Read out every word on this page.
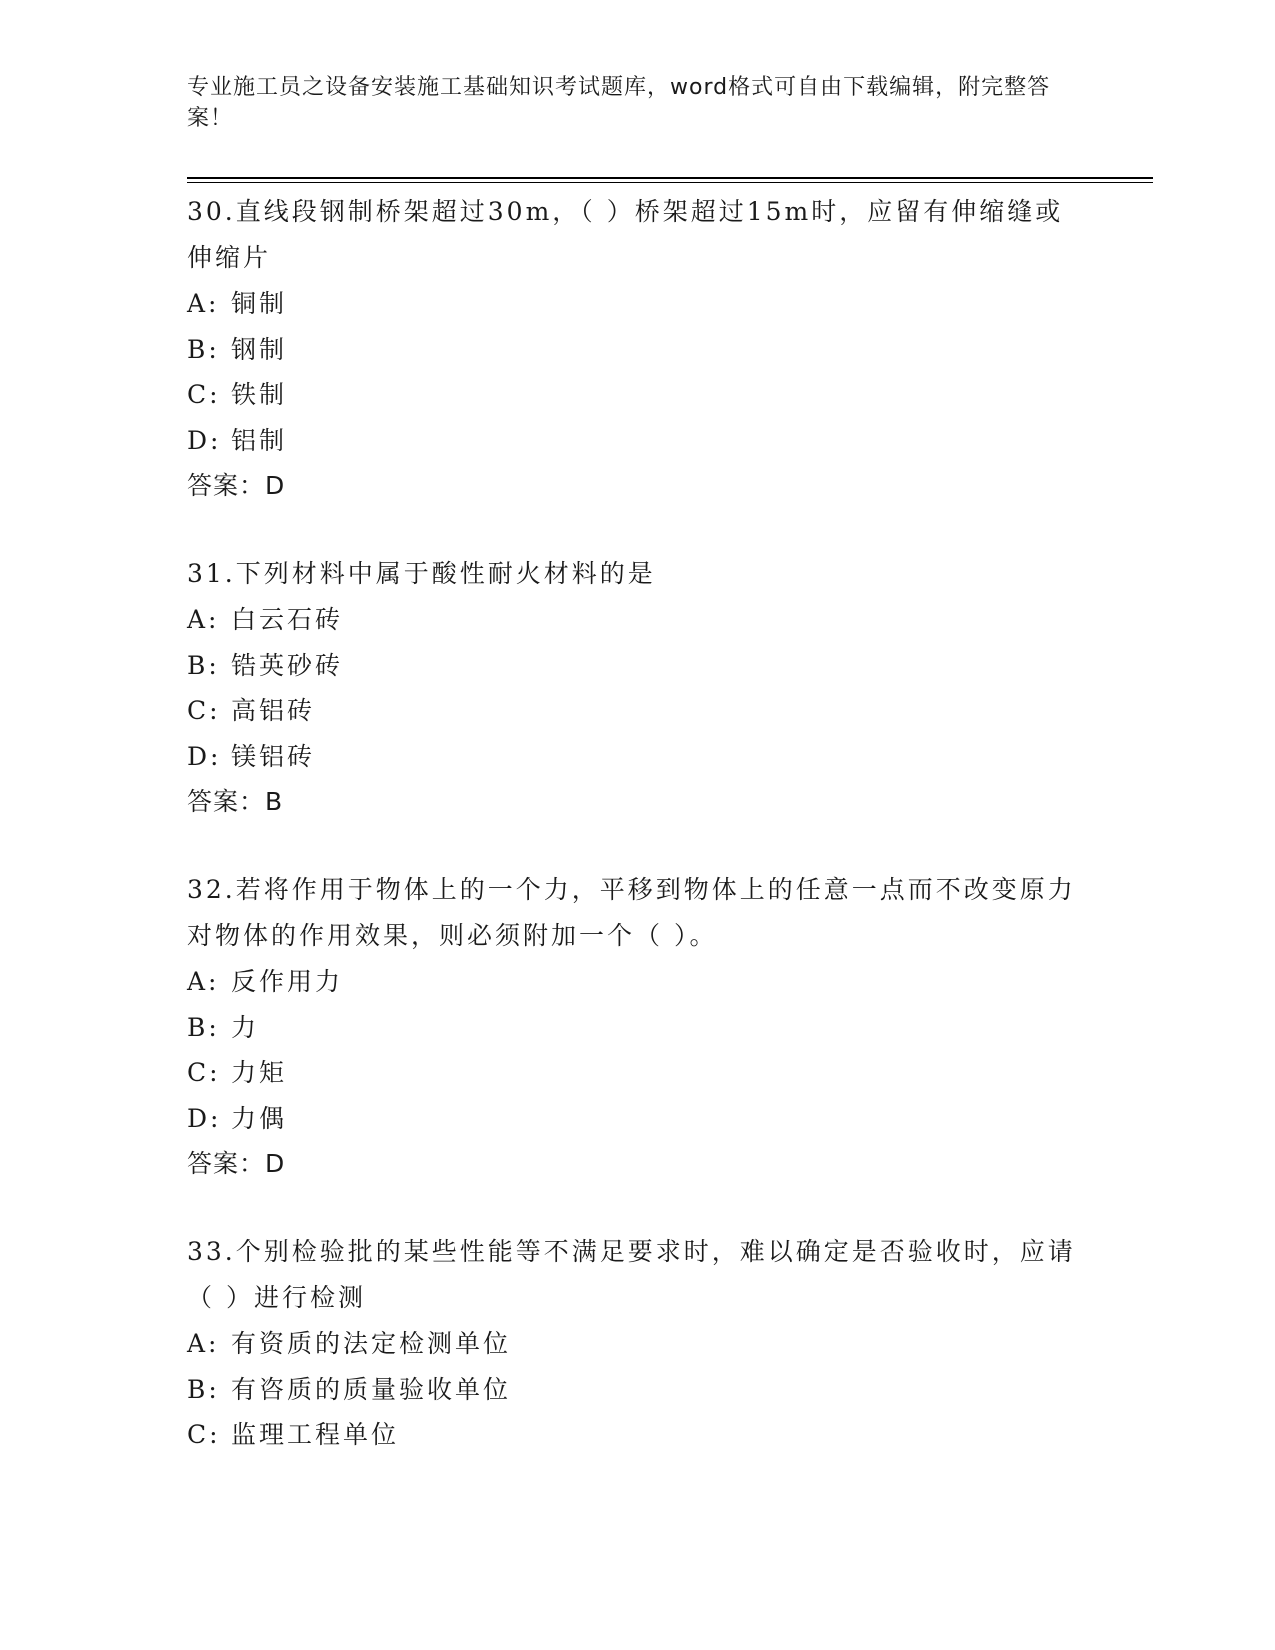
专业施工员之设备安装施工基础知识考试题库，word格式可自由下载编辑，附完整答案！

30.直线段钢制桥架超过30m，（ ）桥架超过15m时，应留有伸缩缝或伸缩片

A: 铜制
B: 钢制
C: 铁制
D: 铝制
答案：D

31.下列材料中属于酸性耐火材料的是

A: 白云石砖
B: 锆英砂砖
C: 高铝砖
D: 镁铝砖
答案：B

32.若将作用于物体上的一个力，平移到物体上的任意一点而不改变原力对物体的作用效果，则必须附加一个（ ）。

A: 反作用力
B: 力
C: 力矩
D: 力偶
答案：D

33.个别检验批的某些性能等不满足要求时，难以确定是否验收时，应请（ ）进行检测

A: 有资质的法定检测单位
B: 有咨质的质量验收单位
C: 监理工程单位
